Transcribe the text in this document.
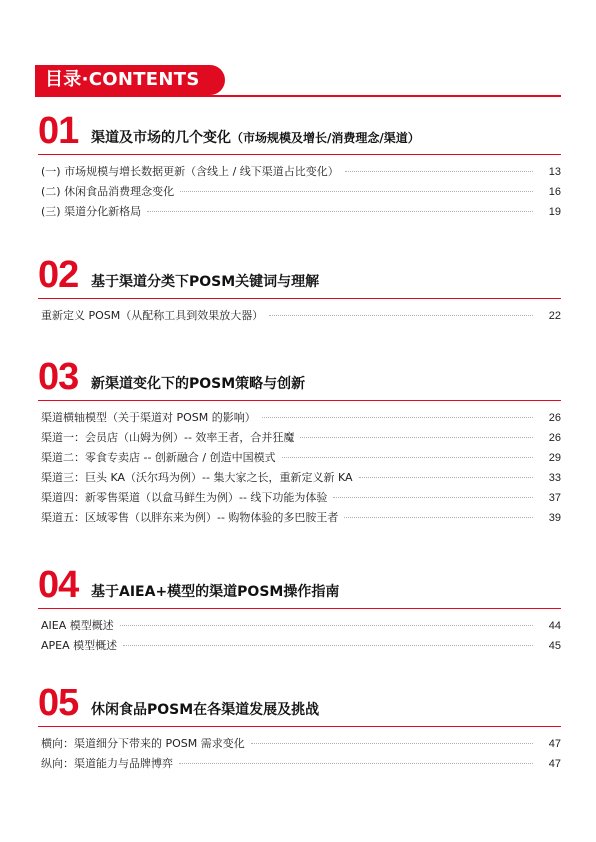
目录·CONTENTS
01 渠道及市场的几个变化（市场规模及增长/消费理念/渠道）
(一) 市场规模与增长数据更新（含线上 / 线下渠道占比变化）	13
(二) 休闲食品消费理念变化	16
(三) 渠道分化新格局	19
02 基于渠道分类下POSM关键词与理解
重新定义 POSM（从配称工具到效果放大器）	22
03 新渠道变化下的POSM策略与创新
渠道横轴模型（关于渠道对 POSM 的影响）	26
渠道一：会员店（山姆为例）-- 效率王者，合并狂魔	26
渠道二：零食专卖店 -- 创新融合 / 创造中国模式	29
渠道三：巨头 KA（沃尔玛为例）-- 集大家之长，重新定义新 KA	33
渠道四：新零售渠道（以盒马鲜生为例）-- 线下功能为体验	37
渠道五：区域零售（以胖东来为例）-- 购物体验的多巴胺王者	39
04 基于AIEA+模型的渠道POSM操作指南
AIEA 模型概述	44
APEA 模型概述	45
05 休闲食品POSM在各渠道发展及挑战
横向：渠道细分下带来的 POSM 需求变化	47
纵向：渠道能力与品牌博弈	47
